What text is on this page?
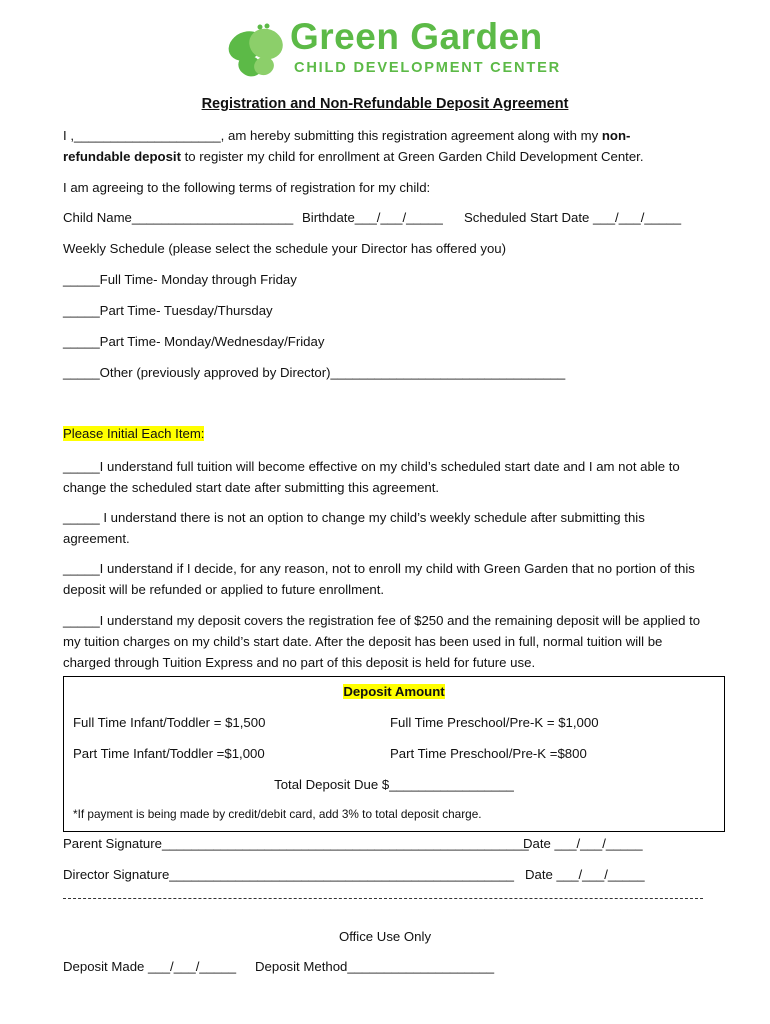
Green Garden
CHILD DEVELOPMENT CENTER
Registration and Non-Refundable Deposit Agreement
I ,____________________, am hereby submitting this registration agreement along with my non-
refundable deposit to register my child for enrollment at Green Garden Child Development Center.
I am agreeing to the following terms of registration for my child:
Child Name______________________ Birthdate___/___/_____ Scheduled Start Date ___/___/_____
Weekly Schedule (please select the schedule your Director has offered you)
_____Full Time- Monday through Friday
_____Part Time- Tuesday/Thursday
_____Part Time- Monday/Wednesday/Friday
_____Other (previously approved by Director)________________________________
Please Initial Each Item:
_____I understand full tuition will become effective on my child’s scheduled start date and I am not able to change the scheduled start date after submitting this agreement.
_____ I understand there is not an option to change my child’s weekly schedule after submitting this agreement.
_____I understand if I decide, for any reason, not to enroll my child with Green Garden that no portion of this deposit will be refunded or applied to future enrollment.
_____I understand my deposit covers the registration fee of $250 and the remaining deposit will be applied to my tuition charges on my child’s start date. After the deposit has been used in full, normal tuition will be charged through Tuition Express and no part of this deposit is held for future use.
Deposit Amount
Full Time Infant/Toddler = $1,500	Full Time Preschool/Pre-K = $1,000
Part Time Infant/Toddler =$1,000	Part Time Preschool/Pre-K =$800
Total Deposit Due $_________________
*If payment is being made by credit/debit card, add 3% to total deposit charge.
Parent Signature__________________________________________________
Date ___/___/_____
Director Signature_______________________________________________ Date ___/___/_____
Office Use Only
Deposit Made ___/___/_____ Deposit Method____________________
